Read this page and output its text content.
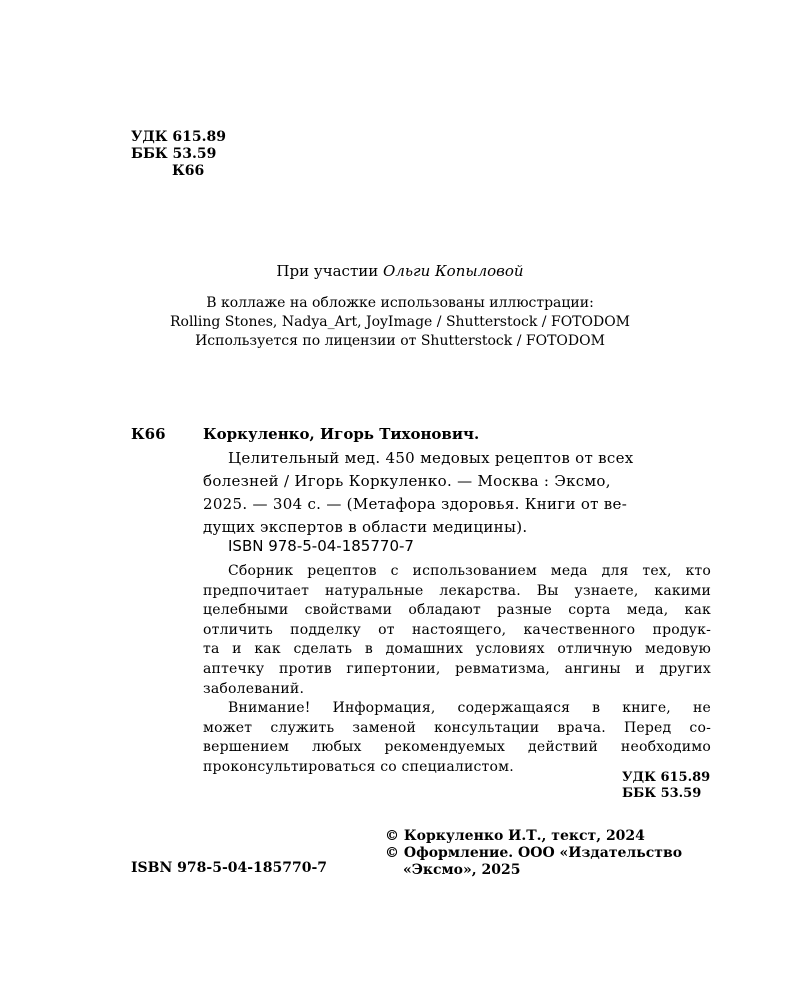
УДК 615.89
ББК 53.59
К66
При участии Ольги Копыловой
В коллаже на обложке использованы иллюстрации:
Rolling Stones, Nadya_Art, JoyImage / Shutterstock / FOTODOM
Используется по лицензии от Shutterstock / FOTODOM
К66 Коркуленко, Игорь Тихонович.
Целительный мед. 450 медовых рецептов от всех
болезней / Игорь Коркуленко. — Москва : Эксмо,
2025. — 304 с. — (Метафора здоровья. Книги от ве-
дущих экспертов в области медицины).
ISBN 978-5-04-185770-7
Сборник рецептов с использованием меда для тех, кто
предпочитает натуральные лекарства. Вы узнаете, какими
целебными свойствами обладают разные сорта меда, как
отличить подделку от настоящего, качественного продук-
та и как сделать в домашних условиях отличную медовую
аптечку против гипертонии, ревматизма, ангины и других
заболеваний.
Внимание! Информация, содержащаяся в книге, не
может служить заменой консультации врача. Перед со-
вершением любых рекомендуемых действий необходимо
проконсультироваться со специалистом.
УДК 615.89
ББК 53.59
ISBN 978-5-04-185770-7
© Коркуленко И.Т., текст, 2024
© Оформление. ООО «Издательство
«Эксмо», 2025
